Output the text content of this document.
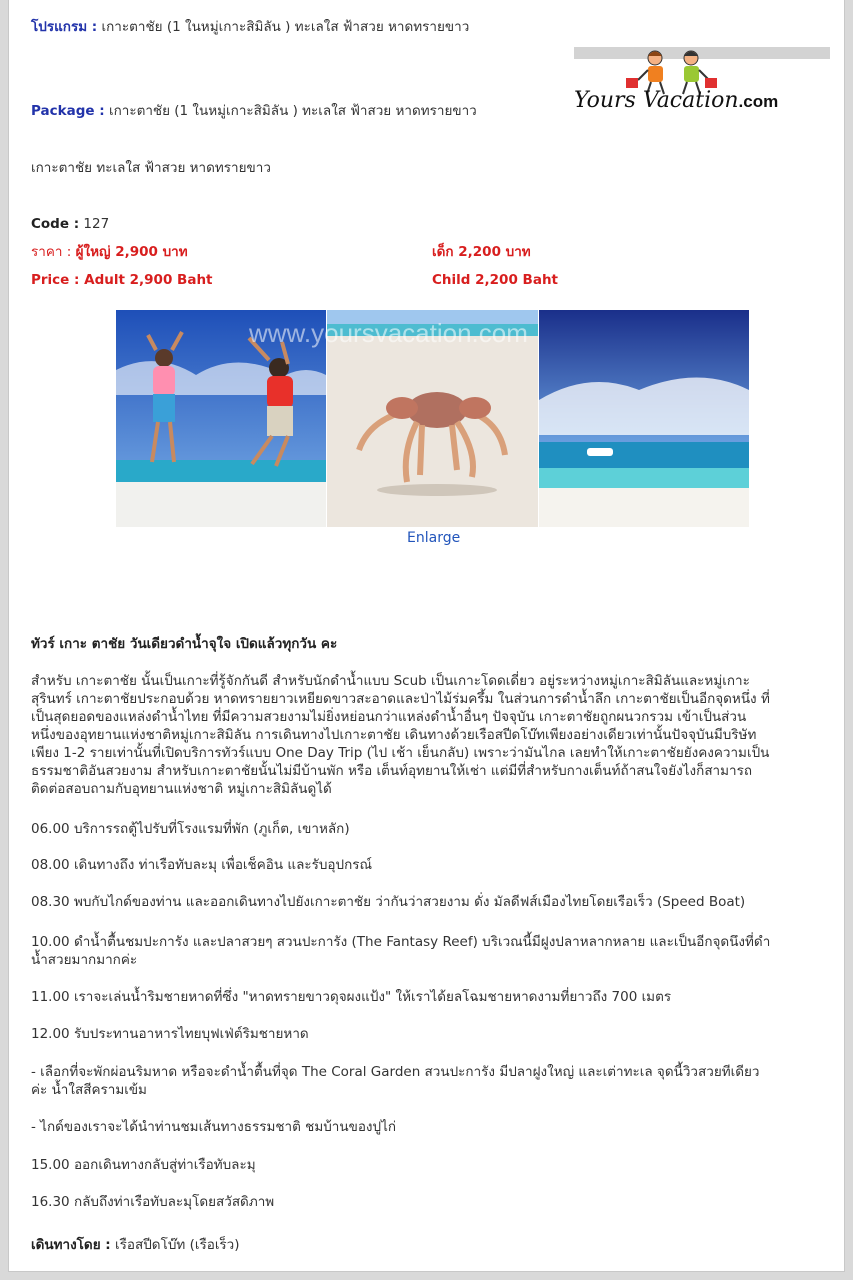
โปรแกรม : เกาะตาชัย (1 ในหมู่เกาะสิมิลัน ) ทะเลใส ฟ้าสวย หาดทรายขาว
Yours Vacation.com
Package : เกาะตาชัย (1 ในหมู่เกาะสิมิลัน ) ทะเลใส ฟ้าสวย หาดทรายขาว
เกาะตาชัย ทะเลใส ฟ้าสวย หาดทรายขาว
Code : 127
ราคา : ผู้ใหญ่ 2,900 บาท	เด็ก 2,200 บาท
Price : Adult 2,900 Baht	Child 2,200 Baht
www.yoursvacation.com
Enlarge
ทัวร์ เกาะ ตาชัย วันเดียวดำน้ำจุใจ เปิดแล้วทุกวัน คะ
สำหรับ เกาะตาชัย นั้นเป็นเกาะที่รู้จักกันดี สำหรับนักดำน้ำแบบ Scub เป็นเกาะโดดเดี่ยว อยู่ระหว่างหมู่เกาะสิมิลันและหมู่เกาะ
สุรินทร์ เกาะตาชัยประกอบด้วย หาดทรายยาวเหยียดขาวสะอาดและป่าไม้ร่มครึ้ม ในส่วนการดำน้ำลึก เกาะตาชัยเป็นอีกจุดหนึ่ง ที่
เป็นสุดยอดของแหล่งดำน้ำไทย ที่มีความสวยงามไม่ยิ่งหย่อนกว่าแหล่งดำน้ำอื่นๆ ปัจจุบัน เกาะตาชัยถูกผนวกรวม เข้าเป็นส่วน
หนึ่งของอุทยานแห่งชาติหมู่เกาะสิมิลัน การเดินทางไปเกาะตาชัย เดินทางด้วยเรือสปีดโบ๊ทเพียงอย่างเดียวเท่านั้นปัจจุบันมีบริษัท
เพียง 1-2 รายเท่านั้นที่เปิดบริการทัวร์แบบ One Day Trip (ไป เช้า เย็นกลับ) เพราะว่ามันไกล เลยทำให้เกาะตาชัยยังคงความเป็น
ธรรมชาติอันสวยงาม สำหรับเกาะตาชัยนั้นไม่มีบ้านพัก หรือ เต็นท์อุทยานให้เช่า แต่มีที่สำหรับกางเต็นท์ถ้าสนใจยังไงก็สามารถ
ติดต่อสอบถามกับอุทยานแห่งชาติ หมู่เกาะสิมิลันดูได้
06.00 บริการรถตู้ไปรับที่โรงแรมที่พัก (ภูเก็ต, เขาหลัก)
08.00 เดินทางถึง ท่าเรือทับละมุ เพื่อเช็คอิน และรับอุปกรณ์
08.30 พบกับไกด์ของท่าน และออกเดินทางไปยังเกาะตาชัย ว่ากันว่าสวยงาม ดั่ง มัลดีฟส์เมืองไทยโดยเรือเร็ว (Speed Boat)
10.00 ดำน้ำตื้นชมปะการัง และปลาสวยๆ สวนปะการัง (The Fantasy Reef) บริเวณนี้มีฝูงปลาหลากหลาย และเป็นอีกจุดนึงที่ดำ
น้ำสวยมากมากค่ะ
11.00 เราจะเล่นน้ำริมชายหาดที่ซึ่ง "หาดทรายขาวดุจผงแป้ง" ให้เราได้ยลโฉมชายหาดงามที่ยาวถึง 700 เมตร
12.00 รับประทานอาหารไทยบุฟเฟ่ต์ริมชายหาด
- เลือกที่จะพักผ่อนริมหาด หรือจะดำน้ำตื้นที่จุด The Coral Garden สวนปะการัง มีปลาฝูงใหญ่ และเต่าทะเล จุดนี้วิวสวยทีเดียว
ค่ะ น้ำใสสีครามเข้ม
- ไกด์ของเราจะได้นำท่านชมเส้นทางธรรมชาติ ชมบ้านของปูไก่
15.00 ออกเดินทางกลับสู่ท่าเรือทับละมุ
16.30 กลับถึงท่าเรือทับละมุโดยสวัสดิภาพ
เดินทางโดย : เรือสปีดโบ๊ท (เรือเร็ว)
